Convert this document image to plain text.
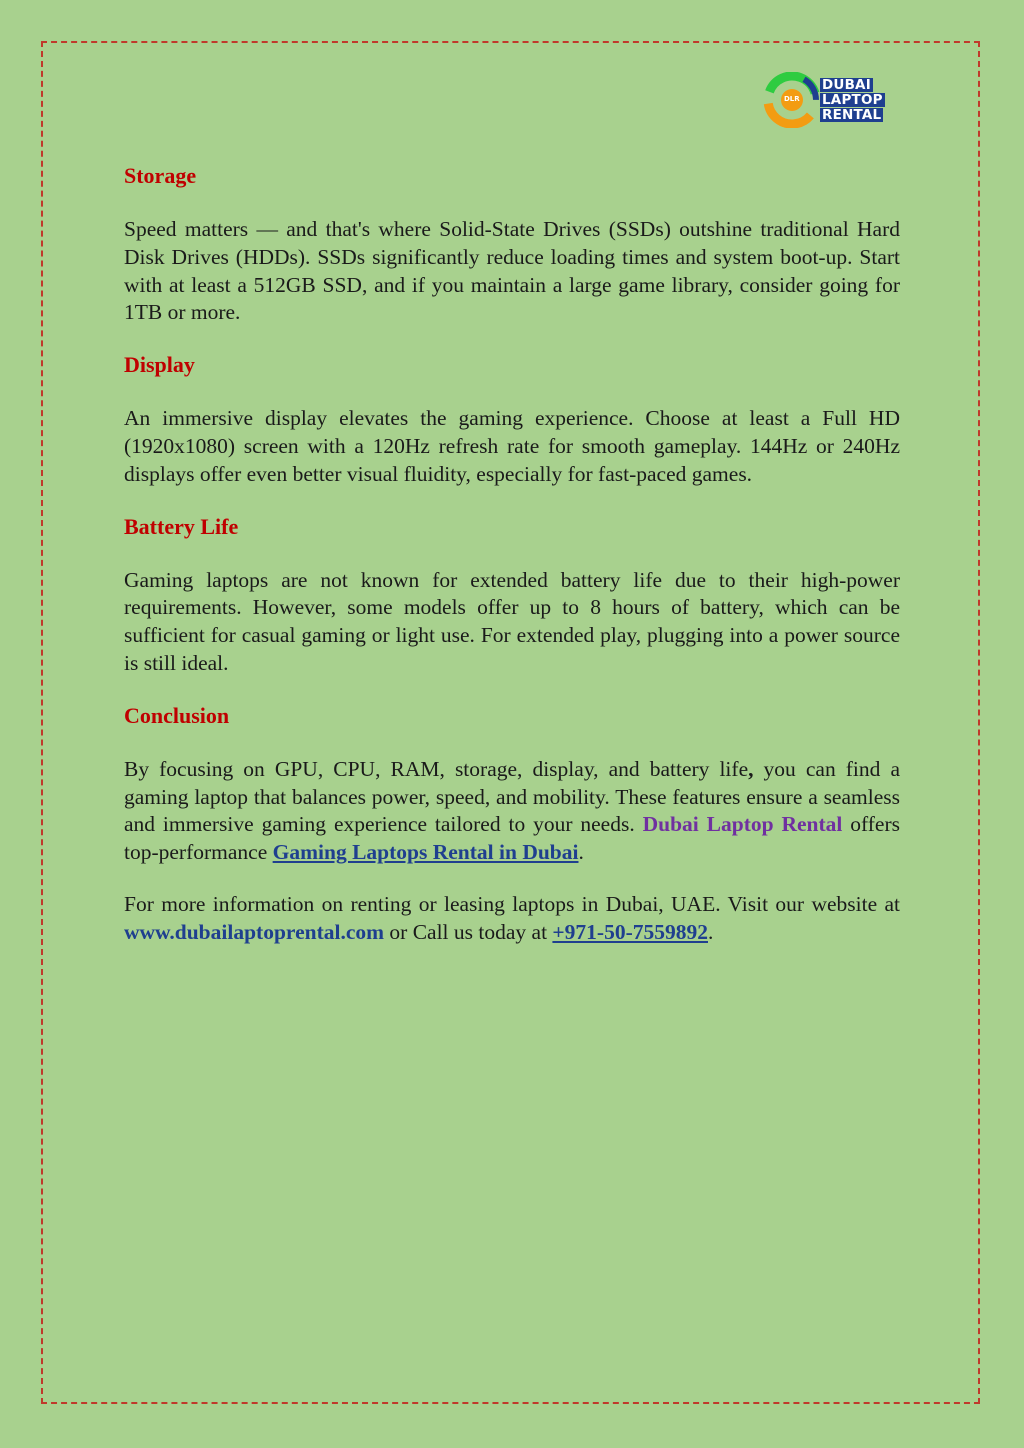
DLR
DUBAI
LAPTOP
RENTAL
Storage

Speed matters — and that's where Solid-State Drives (SSDs) outshine traditional Hard Disk Drives (HDDs). SSDs significantly reduce loading times and system boot-up. Start with at least a 512GB SSD, and if you maintain a large game library, consider going for 1TB or more.

Display

An immersive display elevates the gaming experience. Choose at least a Full HD (1920x1080) screen with a 120Hz refresh rate for smooth gameplay. 144Hz or 240Hz displays offer even better visual fluidity, especially for fast-paced games.

Battery Life

Gaming laptops are not known for extended battery life due to their high-power requirements. However, some models offer up to 8 hours of battery, which can be sufficient for casual gaming or light use. For extended play, plugging into a power source is still ideal.

Conclusion

By focusing on GPU, CPU, RAM, storage, display, and battery life, you can find a gaming laptop that balances power, speed, and mobility. These features ensure a seamless and immersive gaming experience tailored to your needs. Dubai Laptop Rental offers top-performance Gaming Laptops Rental in Dubai.

For more information on renting or leasing laptops in Dubai, UAE. Visit our website at www.dubailaptoprental.com or Call us today at +971-50-7559892.
